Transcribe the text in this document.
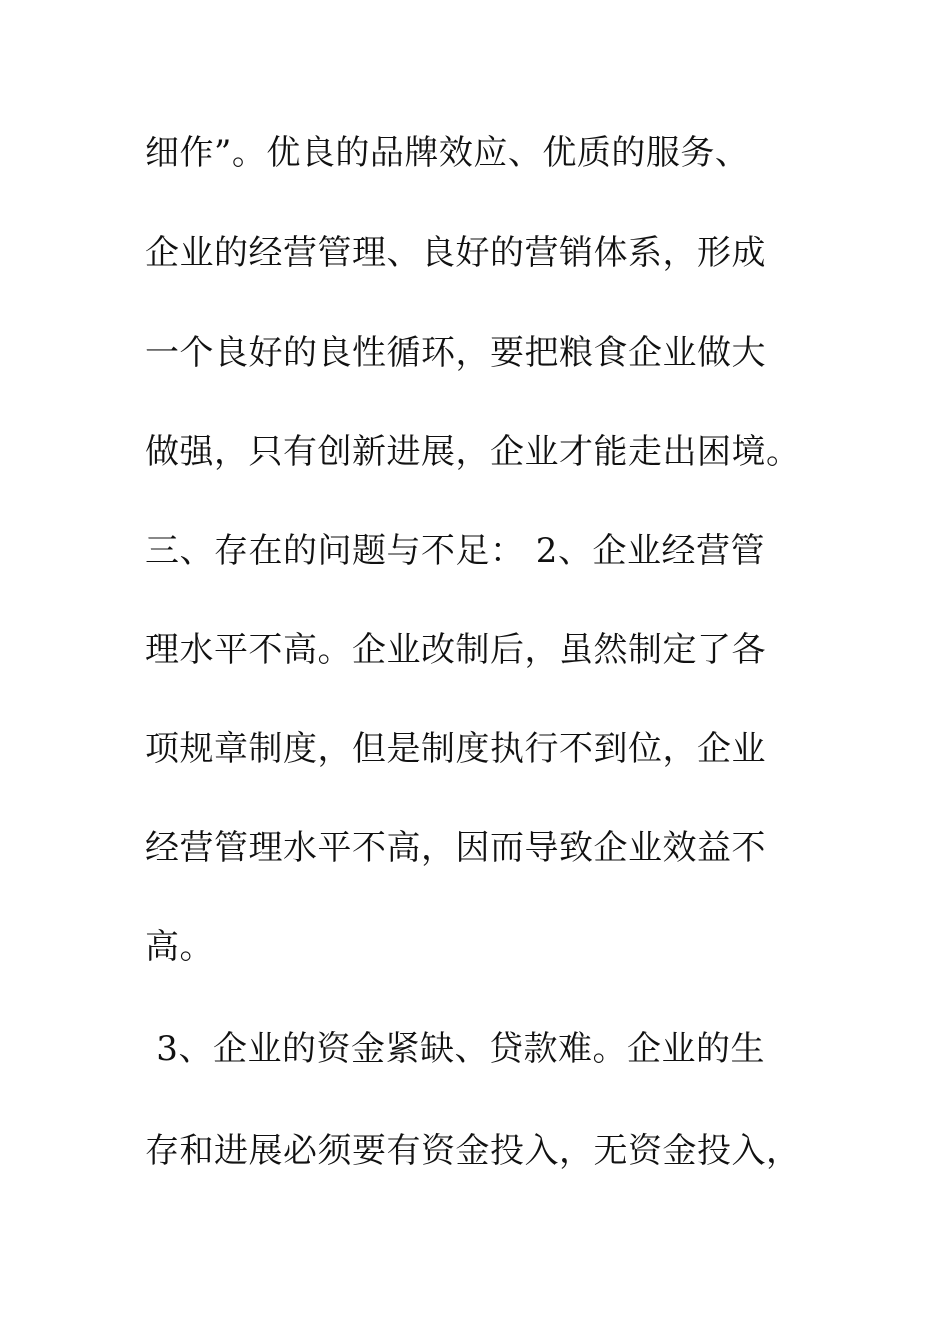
细作”。优良的品牌效应、优质的服务、
企业的经营管理、良好的营销体系，形成
一个良好的良性循环，要把粮食企业做大
做强，只有创新进展，企业才能走出困境。
三、存在的问题与不足： 2、企业经营管
理水平不高。企业改制后，虽然制定了各
项规章制度，但是制度执行不到位，企业
经营管理水平不高，因而导致企业效益不
高。
3、企业的资金紧缺、贷款难。企业的生
存和进展必须要有资金投入，无资金投入，
